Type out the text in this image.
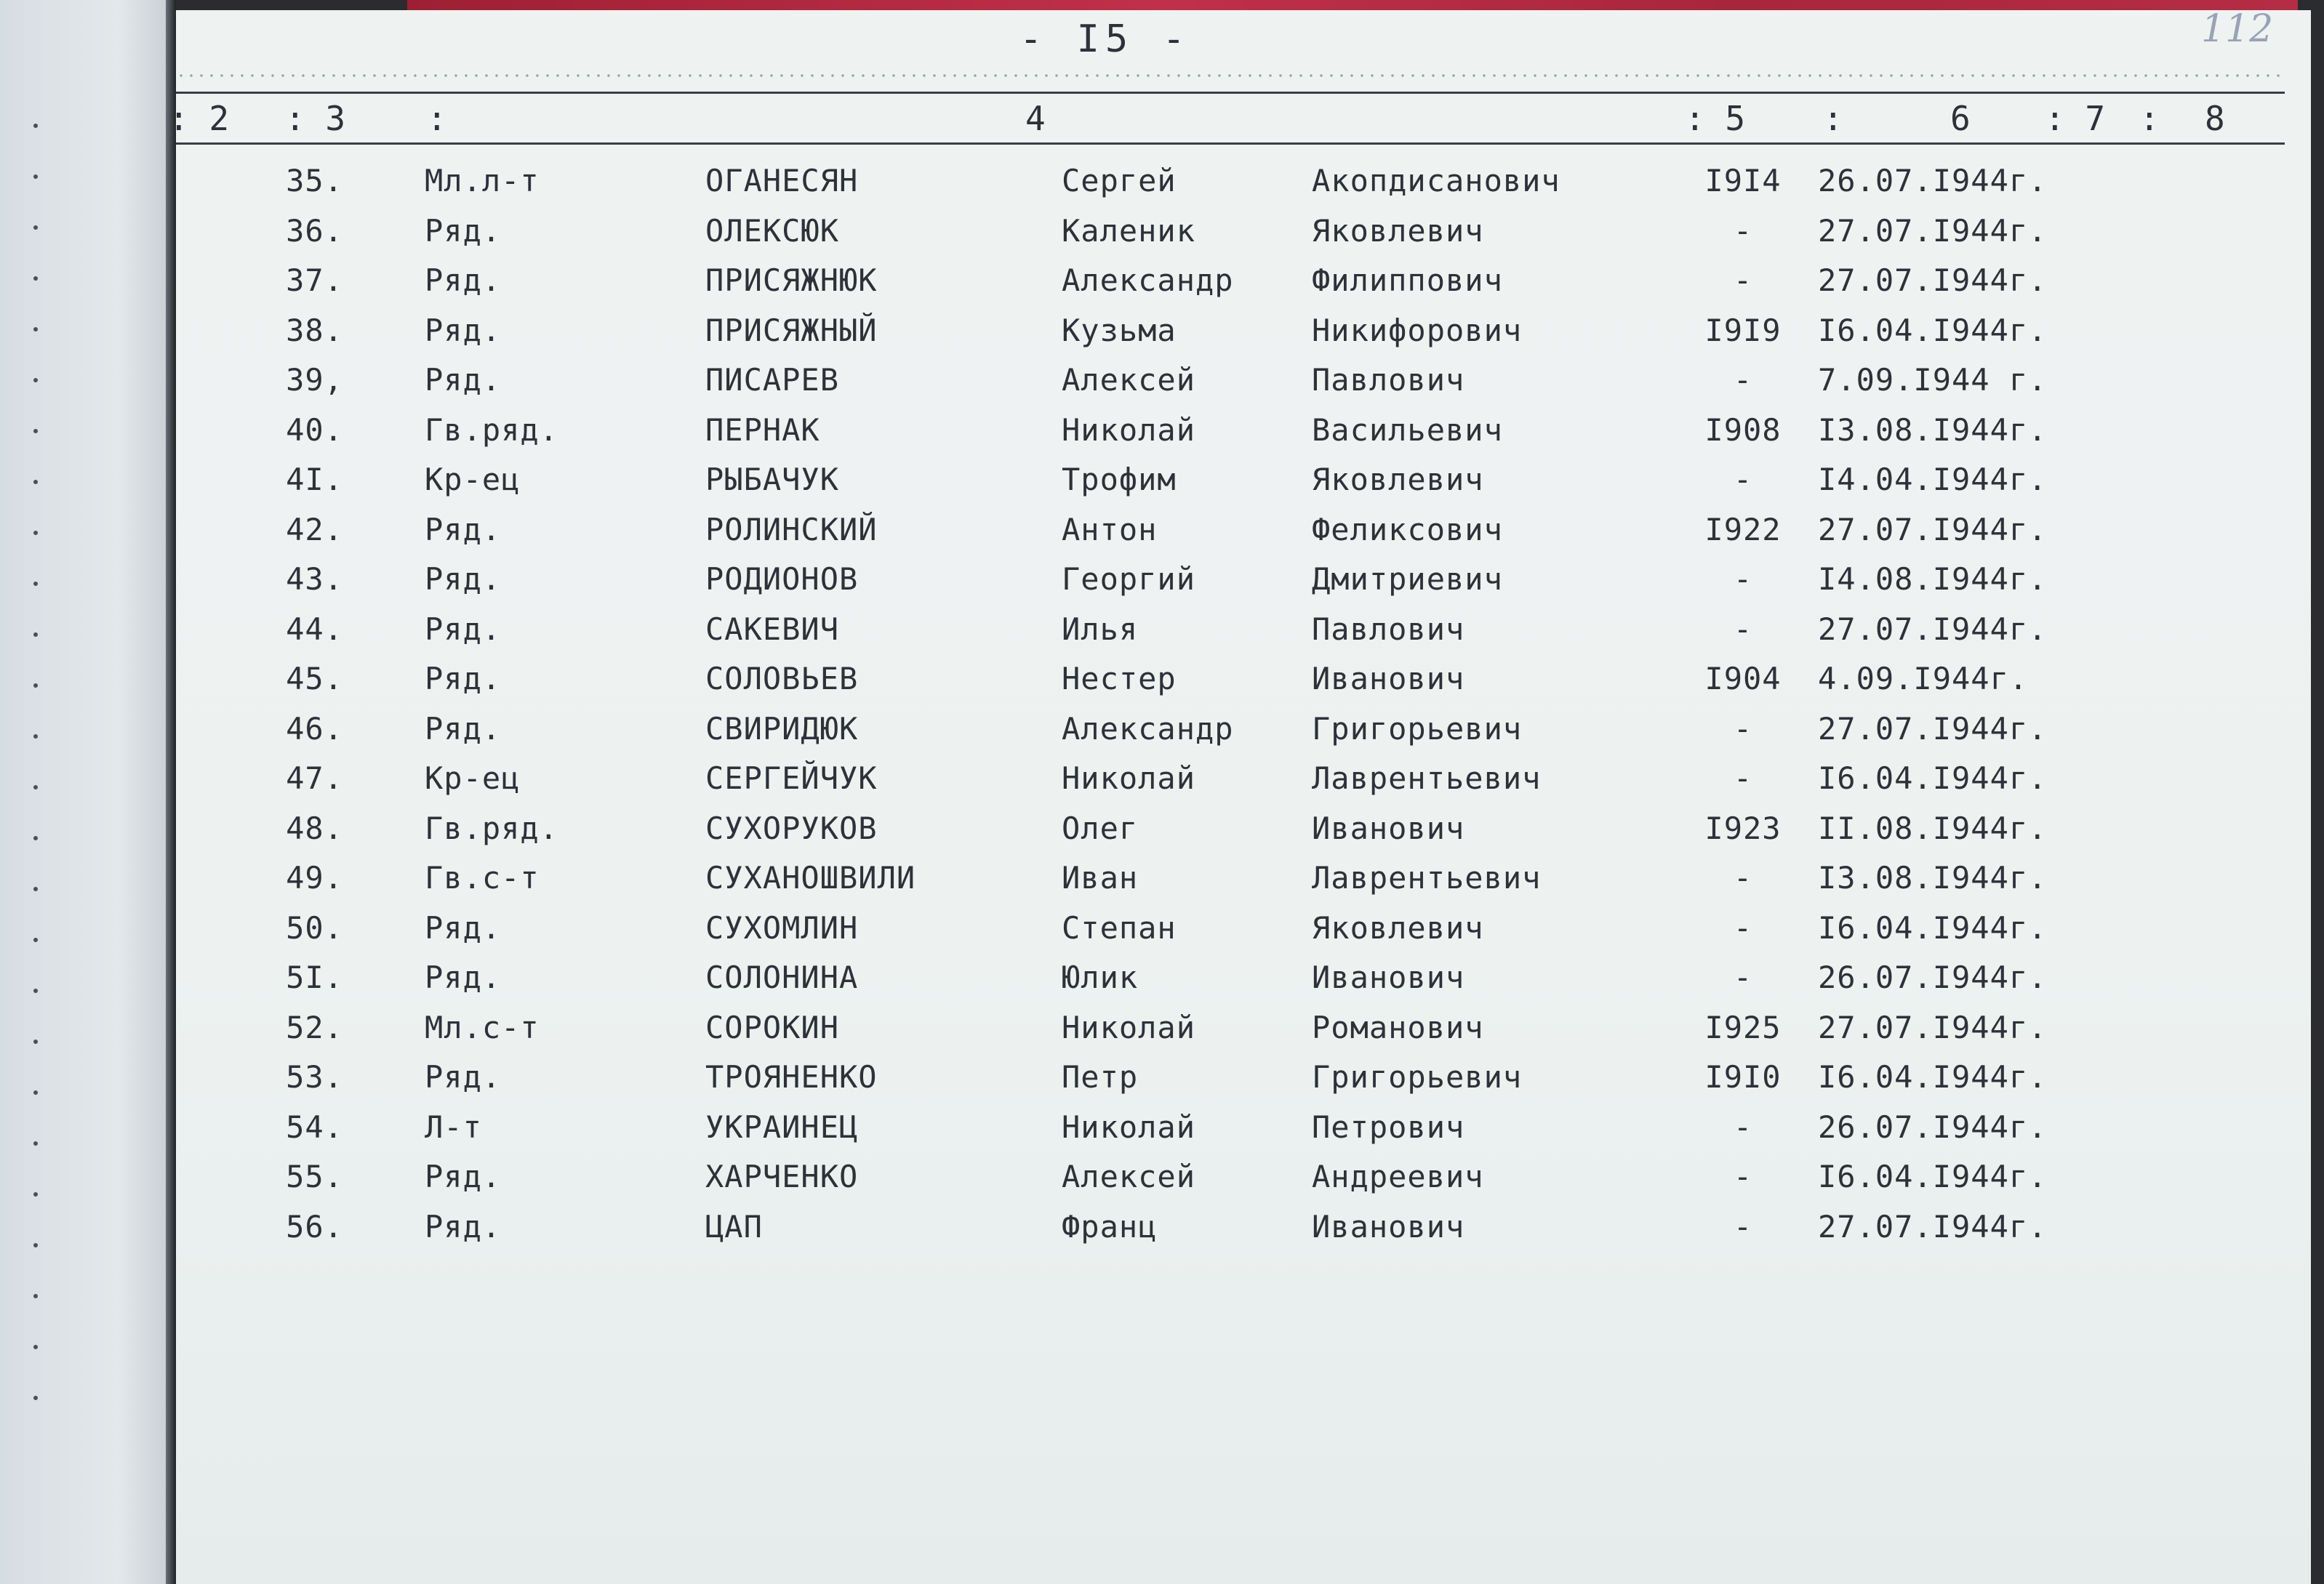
- I5 -	112
: 2 : 3 :	4	: 5 :	6 : 7 : 8
35.	Мл.л-т	ОГАНЕСЯН	Сергей	Акопдисанович	I9I4	26.07.I944г.
36.	Ряд.	ОЛЕКСЮК	Каленик	Яковлевич	-	27.07.I944г.
37.	Ряд.	ПРИСЯЖНЮК	Александр	Филиппович	-	27.07.I944г.
38.	Ряд.	ПРИСЯЖНЫЙ	Кузьма	Никифорович	I9I9	I6.04.I944г.
39,	Ряд.	ПИСАРЕВ	Алексей	Павлович	-	7.09.I944 г.
40.	Гв.ряд.	ПЕРНАК	Николай	Васильевич	I908	I3.08.I944г.
4I.	Кр-ец	РЫБАЧУК	Трофим	Яковлевич	-	I4.04.I944г.
42.	Ряд.	РОЛИНСКИЙ	Антон	Феликсович	I922	27.07.I944г.
43.	Ряд.	РОДИОНОВ	Георгий	Дмитриевич	-	I4.08.I944г.
44.	Ряд.	САКЕВИЧ	Илья	Павлович	-	27.07.I944г.
45.	Ряд.	СОЛОВЬЕВ	Нестер	Иванович	I904	4.09.I944г.
46.	Ряд.	СВИРИДЮК	Александр	Григорьевич	-	27.07.I944г.
47.	Кр-ец	СЕРГЕЙЧУК	Николай	Лаврентьевич	-	I6.04.I944г.
48.	Гв.ряд.	СУХОРУКОВ	Олег	Иванович	I923	II.08.I944г.
49.	Гв.с-т	СУХАНОШВИЛИ	Иван	Лаврентьевич	-	I3.08.I944г.
50.	Ряд.	СУХОМЛИН	Степан	Яковлевич	-	I6.04.I944г.
5I.	Ряд.	СОЛОНИНА	Юлик	Иванович	-	26.07.I944г.
52.	Мл.с-т	СОРОКИН	Николай	Романович	I925	27.07.I944г.
53.	Ряд.	ТРОЯНЕНКО	Петр	Григорьевич	I9I0	I6.04.I944г.
54.	Л-т	УКРАИНЕЦ	Николай	Петрович	-	26.07.I944г.
55.	Ряд.	ХАРЧЕНКО	Алексей	Андреевич	-	I6.04.I944г.
56.	Ряд.	ЦАП	Франц	Иванович	-	27.07.I944г.
